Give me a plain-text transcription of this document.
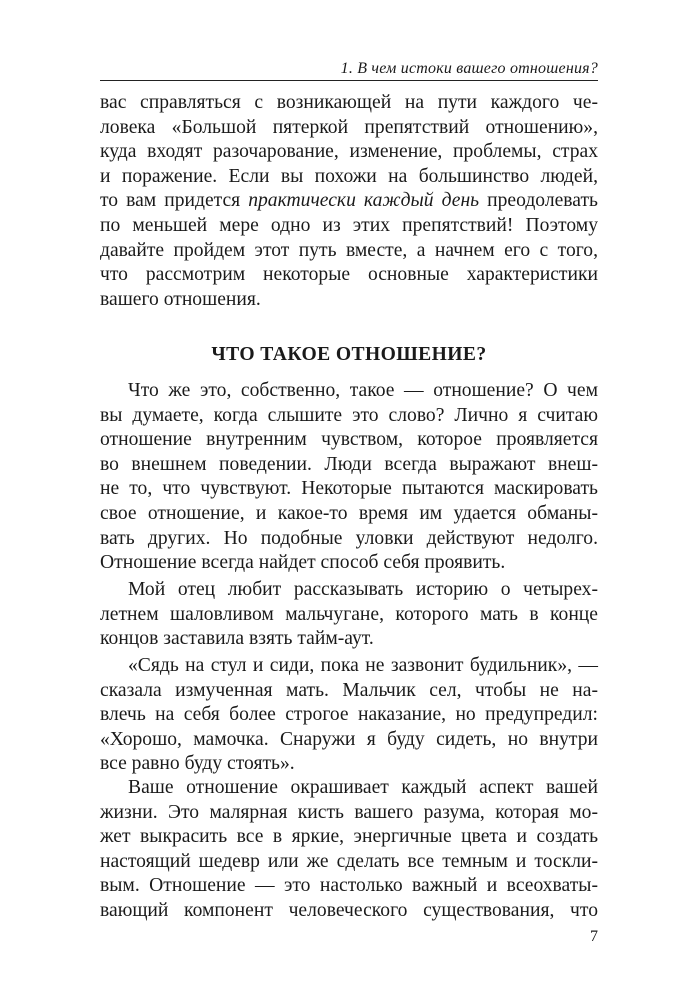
1. В чем истоки вашего отношения?
вас справляться с возникающей на пути каждого че-
ловека «Большой пятеркой препятствий отношению»,
куда входят разочарование, изменение, проблемы, страх
и поражение. Если вы похожи на большинство людей,
то вам придется практически каждый день преодолевать
по меньшей мере одно из этих препятствий! Поэтому
давайте пройдем этот путь вместе, а начнем его с того,
что рассмотрим некоторые основные характеристики
вашего отношения.
ЧТО ТАКОЕ ОТНОШЕНИЕ?
Что же это, собственно, такое — отношение? О чем
вы думаете, когда слышите это слово? Лично я считаю
отношение внутренним чувством, которое проявляется
во внешнем поведении. Люди всегда выражают внеш-
не то, что чувствуют. Некоторые пытаются маскировать
свое отношение, и какое-то время им удается обманы-
вать других. Но подобные уловки действуют недолго.
Отношение всегда найдет способ себя проявить.
Мой отец любит рассказывать историю о четырех-
летнем шаловливом мальчугане, которого мать в конце
концов заставила взять тайм-аут.
«Сядь на стул и сиди, пока не зазвонит будильник», —
сказала измученная мать. Мальчик сел, чтобы не на-
влечь на себя более строгое наказание, но предупредил:
«Хорошо, мамочка. Снаружи я буду сидеть, но внутри
все равно буду стоять».
Ваше отношение окрашивает каждый аспект вашей
жизни. Это малярная кисть вашего разума, которая мо-
жет выкрасить все в яркие, энергичные цвета и создать
настоящий шедевр или же сделать все темным и тоскли-
вым. Отношение — это настолько важный и всеохваты-
вающий компонент человеческого существования, что
7
